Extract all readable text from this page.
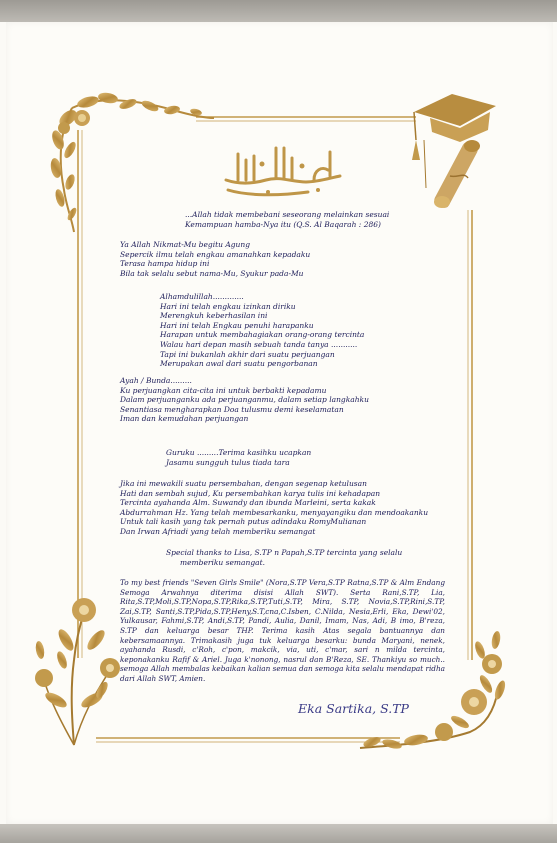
...Allah tidak membebani seseorang melainkan sesuai
Kemampuan hamba-Nya itu (Q.S. Al Baqarah : 286)
Ya Allah Nikmat-Mu begitu Agung
Sepercik ilmu telah engkau amanahkan kepadaku
Terasa hampa hidup ini
Bila tak selalu sebut nama-Mu, Syukur pada-Mu
Alhamdulillah.............
Hari ini telah engkau izinkan diriku
Merengkuh keberhasilan ini
Hari ini telah Engkau penuhi harapanku
Harapan untuk membahagiakan orang-orang tercinta
Walau hari depan masih sebuah tanda tanya ...........
Tapi ini bukanlah akhir dari suatu perjuangan
Merupakan awal dari suatu pengorbanan
Ayah / Bunda.........
Ku perjuangkan cita-cita ini untuk berbakti kepadamu
Dalam perjuanganku ada perjuanganmu, dalam setiap langkahku
Senantiasa mengharapkan Doa tulusmu demi keselamatan
Iman dan kemudahan perjuangan
Guruku .........Terima kasihku ucapkan
Jasamu sungguh tulus tiada tara
Jika ini mewakili suatu persembahan, dengan segenap ketulusan
Hati dan sembah sujud, Ku persembahkan karya tulis ini kehadapan
Tercinta ayahanda Alm. Suwandy dan ibunda Marleini, serta kakak
Abdurrahman Hz. Yang telah membesarkanku, menyayangiku dan mendoakanku
Untuk tali kasih yang tak pernah putus adindaku RomyMulianan
Dan Irwan Afriadi yang telah memberiku semangat
Special thanks to Lisa, S.TP n Papah,S.TP tercinta yang selalu
memberiku semangat.

To my best friends "Seven Girls Smile" (Nora,S.TP Vera,S.TP Ratna,S.TP & Alm Endang Semoga Arwahnya diterima disisi Allah SWT). Serta Rani,S.TP, Lia, Rita,S.TP,Moli,S.TP,Nopa,S.TP,Rika,S.TP,Tuti,S.TP, Mira, S.TP, Novia,S.TP,Rini,S.TP, Zai,S.TP, Santi,S.TP,Pida,S.TP,Heny,S.T,cna,C.Isben, C.Nilda, Nesia,Erli, Eka, Dewi'02, Yulkausar, Fahmi,S.TP, Andi,S.TP, Pandi, Aulia, Danil, Imam, Nas, Adi, B imo, B'reza, S.TP dan keluarga besar THP. Terima kasih Atas segala bantuannya dan kebersamaannya. Trimakasih juga tuk keluarga besarku: bunda Maryani, nenek, ayahanda Rusdi, c'Roh, c'pon, makcik, via, uti, c'mar, sari n milda tercinta, keponakanku Rafif & Ariel. Juga k'nonong, nasrul dan B'Reza, SE. Thankiyu so much.. semoga Allah membalas kebaikan kalian semua dan semoga kita selalu mendapat ridha dari Allah SWT, Amien.

Eka Sartika, S.TP
